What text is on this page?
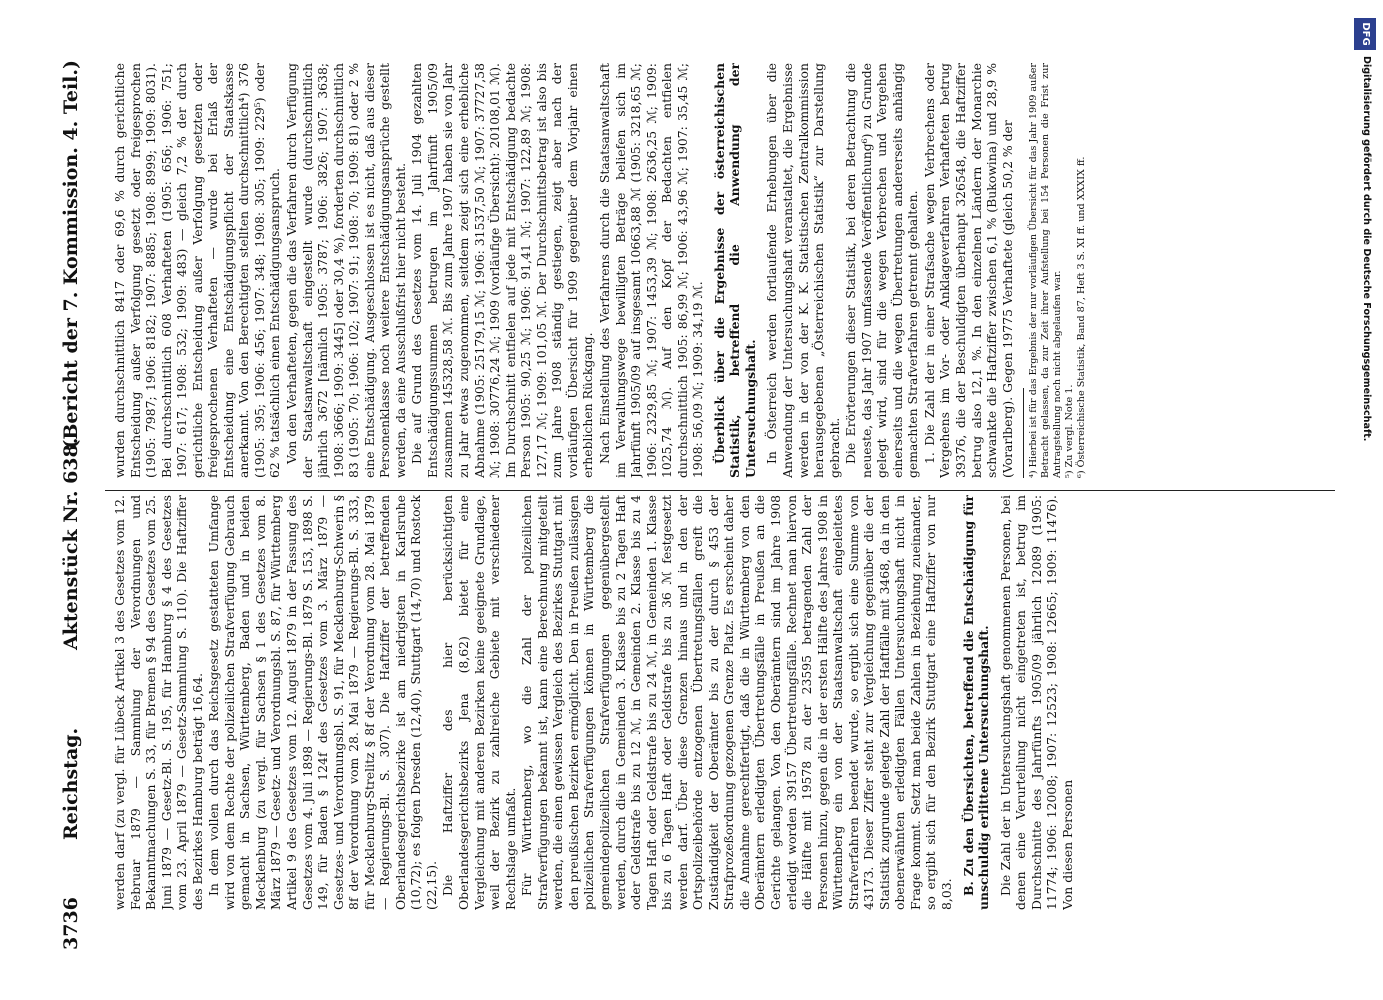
3736
Reichstag.
Aktenstück Nr. 638.
(Bericht der 7. Kommission. 4. Teil.)

werden darf (zu vergl. für Lübeck Artikel 3 des Gesetzes vom 12. Februar 1879 — Sammlung der Verordnungen und Bekanntmachungen S. 33, für Bremen § 94 des Gesetzes vom 25. Juni 1879 — Gesetz-Bl. S. 195, für Hamburg § 4 des Gesetzes vom 23. April 1879 — Gesetz-Sammlung S. 110). Die Haftziffer des Bezirkes Hamburg beträgt 16,64. In dem vollen durch das Reichsgesetz gestatteten Umfange wird von dem Rechte der polizeilichen Strafverfügung Gebrauch gemacht in Sachsen, Württemberg, Baden und in beiden Mecklenburg (zu vergl. für Sachsen § 1 des Gesetzes vom 8. März 1879 — Gesetz- und Verordnungsbl. S. 87, für Württemberg Artikel 9 des Gesetzes vom 12. August 1879 in der Fassung des Gesetzes vom 4. Juli 1898 — Regierungs-Bl. 1879 S. 153, 1898 S. 149, für Baden § 124f des Gesetzes vom 3. März 1879 — Gesetzes- und Verordnungsbl. S. 91, für Mecklenburg-Schwerin § 8f der Verordnung vom 28. Mai 1879 — Regierungs-Bl. S. 333, für Mecklenburg-Strelitz § 8f der Verordnung vom 28. Mai 1879 — Regierungs-Bl. S. 307). Die Haftziffer der betreffenden Oberlandesgerichtsbezirke ist am niedrigsten in Karlsruhe (10,72); es folgen Dresden (12,40), Stuttgart (14,70) und Rostock (22,15). Die Haftziffer des hier berücksichtigten Oberlandesgerichtsbezirks Jena (8,62) bietet für eine Vergleichung mit anderen Bezirken keine geeignete Grundlage, weil der Bezirk zu zahlreiche Gebiete mit verschiedener Rechtslage umfaßt. Für Württemberg, wo die Zahl der polizeilichen Strafverfügungen bekannt ist, kann eine Berechnung mitgeteilt werden, die einen gewissen Vergleich des Bezirkes Stuttgart mit den preußischen Bezirken ermöglicht. Den in Preußen zulässigen polizeilichen Strafverfügungen können in Württemberg die gemeindepolizeilichen Strafverfügungen gegenübergestellt werden, durch die in Gemeinden 3. Klasse bis zu 2 Tagen Haft oder Geldstrafe bis zu 12 ℳ, in Gemeinden 2. Klasse bis zu 4 Tagen Haft oder Geldstrafe bis zu 24 ℳ, in Gemeinden 1. Klasse bis zu 6 Tagen Haft oder Geldstrafe bis zu 36 ℳ festgesetzt werden darf. Über diese Grenzen hinaus und in den der Ortspolizeibehörde entzogenen Übertretungsfällen greift die Zuständigkeit der Oberämter bis zu der durch § 453 der Strafprozeßordnung gezogenen Grenze Platz. Es erscheint daher die Annahme gerechtfertigt, daß die in Württemberg von den Oberämtern erledigten Übertretungsfälle in Preußen an die Gerichte gelangen. Von den Oberämtern sind im Jahre 1908 erledigt worden 39157 Übertretungsfälle. Rechnet man hiervon die Hälfte mit 19578 zu der 23595 betragenden Zahl der Personen hinzu, gegen die in der ersten Hälfte des Jahres 1908 in Württemberg ein von der Staatsanwaltschaft eingeleitetes Strafverfahren beendet wurde, so ergibt sich eine Summe von 43173. Dieser Ziffer steht zur Vergleichung gegenüber die der Statistik zugrunde gelegte Zahl der Haftfälle mit 3468, da in den obenerwähnten erledigten Fällen Untersuchungshaft nicht in Frage kommt. Setzt man beide Zahlen in Beziehung zueinander, so ergibt sich für den Bezirk Stuttgart eine Haftziffer von nur 8,03. B. Zu den Übersichten, betreffend die Entschädigung für unschuldig erlittene Untersuchungshaft. Die Zahl der in Untersuchungshaft genommenen Personen, bei denen eine Verurteilung nicht eingetreten ist, betrug im Durchschnitte des Jahrfünfts 1905/09 jährlich 12089 (1905: 11774; 1906: 12008; 1907: 12523; 1908: 12665; 1909: 11476). Von diesen Personen

wurden durchschnittlich 8417 oder 69,6 % durch gerichtliche Entscheidung außer Verfolgung gesetzt oder freigesprochen (1905: 7987; 1906: 8182; 1907: 8885; 1908: 8999; 1909: 8031). Bei durchschnittlich 608 Verhafteten (1905: 656; 1906: 751; 1907: 617; 1908: 532; 1909: 483) — gleich 7,2 % der durch gerichtliche Entscheidung außer Verfolgung gesetzten oder freigesprochenen Verhafteten — wurde bei Erlaß der Entscheidung eine Entschädigungspflicht der Staatskasse anerkannt. Von den Berechtigten stellten durchschnittlich⁴) 376 (1905: 395; 1906: 456; 1907: 348; 1908: 305; 1909: 229⁵) oder 62 % tatsächlich einen Entschädigungsanspruch. Von den Verhafteten, gegen die das Verfahren durch Verfügung der Staatsanwaltschaft eingestellt wurde (durchschnittlich jährlich 3672 [nämlich 1905: 3787; 1906: 3826; 1907: 3638; 1908: 3666; 1909: 3445] oder 30,4 %), forderten durchschnittlich 83 (1905: 70; 1906: 102; 1907: 91; 1908: 70; 1909: 81) oder 2 % eine Entschädigung. Ausgeschlossen ist es nicht, daß aus dieser Personenklasse noch weitere Entschädigungsansprüche gestellt werden, da eine Ausschlußfrist hier nicht besteht. Die auf Grund des Gesetzes vom 14. Juli 1904 gezahlten Entschädigungssummen betrugen im Jahrfünft 1905/09 zusammen 145328,58 ℳ. Bis zum Jahre 1907 haben sie von Jahr zu Jahr etwas zugenommen, seitdem zeigt sich eine erhebliche Abnahme (1905: 25179,15 ℳ; 1906: 31537,50 ℳ; 1907: 37727,58 ℳ; 1908: 30776,24 ℳ; 1909 (vorläufige Übersicht): 20108,01 ℳ). Im Durchschnitt entfielen auf jede mit Entschädigung bedachte Person 1905: 90,25 ℳ; 1906: 91,41 ℳ; 1907: 122,89 ℳ; 1908: 127,17 ℳ; 1909: 101,05 ℳ. Der Durchschnittsbetrag ist also bis zum Jahre 1908 ständig gestiegen, zeigt aber nach der vorläufigen Übersicht für 1909 gegenüber dem Vorjahr einen erheblichen Rückgang. Nach Einstellung des Verfahrens durch die Staatsanwaltschaft im Verwaltungswege bewilligten Beträge beliefen sich im Jahrfünft 1905/09 auf insgesamt 10663,88 ℳ (1905: 3218,65 ℳ; 1906: 2329,85 ℳ; 1907: 1453,39 ℳ; 1908: 2636,25 ℳ; 1909: 1025,74 ℳ). Auf den Kopf der Bedachten entfielen durchschnittlich 1905: 86,99 ℳ; 1906: 43,96 ℳ; 1907: 35,45 ℳ; 1908: 56,09 ℳ; 1909: 34,19 ℳ. Überblick über die Ergebnisse der österreichischen Statistik, betreffend die Anwendung der Untersuchungshaft. In Österreich werden fortlaufende Erhebungen über die Anwendung der Untersuchungshaft veranstaltet, die Ergebnisse werden in der von der K. K. Statistischen Zentralkommission herausgegebenen „Österreichischen Statistik“ zur Darstellung gebracht. Die Erörterungen dieser Statistik, bei deren Betrachtung die neueste, das Jahr 1907 umfassende Veröffentlichung⁶) zu Grunde gelegt wird, sind für die wegen Verbrechen und Vergehen einerseits und die wegen Übertretungen andererseits anhängig gemachten Strafverfahren getrennt gehalten. 1. Die Zahl der in einer Strafsache wegen Verbrechens oder Vergehens im Vor- oder Anklageverfahren Verhafteten betrug 39376, die der Beschuldigten überhaupt 326548, die Haftziffer betrug also 12,1 %. In den einzelnen Ländern der Monarchie schwankte die Haftziffer zwischen 6,1 % (Bukowina) und 28,9 % (Vorarlberg). Gegen 19775 Verhaftete (gleich 50,2 % der ⁴) Hierbei ist für das Ergebnis der nur vorläufigen Übersicht für das Jahr 1909 außer Betracht gelassen, da zur Zeit ihrer Aufstellung bei 154 Personen die Frist zur Antragstellung noch nicht abgelaufen war. ⁵) Zu vergl. Note 1. ⁶) Österreichische Statistik, Band 87, Heft 3 S. XI ff. und XXXIX ff.
DFG
Digitalisierung gefördert durch die Deutsche Forschungsgemeinschaft.
